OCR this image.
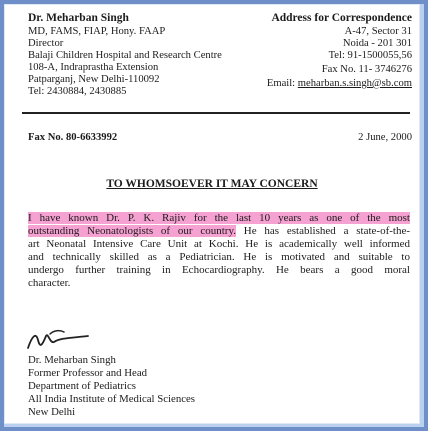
Dr. Meharban Singh
MD, FAMS, FIAP, Hony. FAAP
Director
Balaji Children Hospital and Research Centre
108-A, Indraprastha Extension
Patparganj, New Delhi-110092
Tel: 2430884, 2430885
Address for Correspondence
A-47, Sector 31
Noida - 201 301
Tel: 91-1500055,56
Fax No. 11- 3746276
Email: meharban.s.singh@sb.com
Fax No. 80-6633992	2 June, 2000
TO WHOMSOEVER IT MAY CONCERN
I have known Dr. P. K. Rajiv for the last 10 years as one of the most
outstanding Neonatologists of our country. He has established a state-of-the-
art Neonatal Intensive Care Unit at Kochi. He is academically well informed
and technically skilled as a Pediatrician. He is motivated and suitable to
undergo further training in Echocardiography. He bears a good moral
character.
Dr. Meharban Singh
Former Professor and Head
Department of Pediatrics
All India Institute of Medical Sciences
New Delhi
